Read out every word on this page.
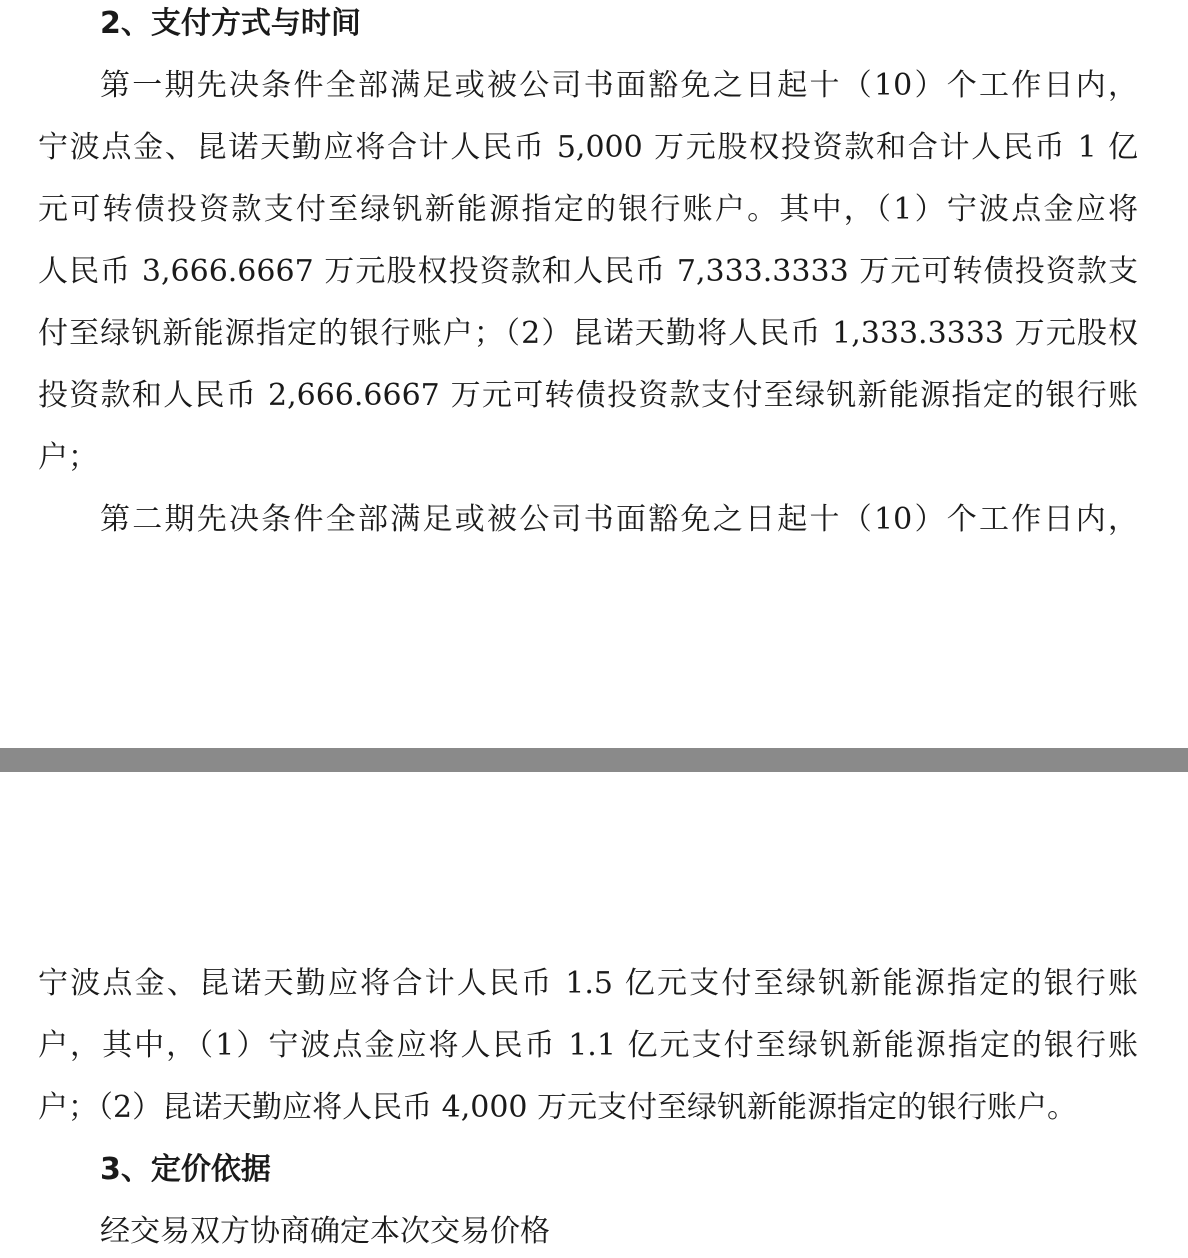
2、支付方式与时间
第一期先决条件全部满足或被公司书面豁免之日起十（10）个工作日内，
宁波点金、昆诺天勤应将合计人民币 5,000 万元股权投资款和合计人民币 1 亿
元可转债投资款支付至绿钒新能源指定的银行账户。其中，（1）宁波点金应将
人民币 3,666.6667 万元股权投资款和人民币 7,333.3333 万元可转债投资款支
付至绿钒新能源指定的银行账户；（2）昆诺天勤将人民币 1,333.3333 万元股权
投资款和人民币 2,666.6667 万元可转债投资款支付至绿钒新能源指定的银行账
户；
第二期先决条件全部满足或被公司书面豁免之日起十（10）个工作日内，
宁波点金、昆诺天勤应将合计人民币 1.5 亿元支付至绿钒新能源指定的银行账
户，其中，（1）宁波点金应将人民币 1.1 亿元支付至绿钒新能源指定的银行账
户；（2）昆诺天勤应将人民币 4,000 万元支付至绿钒新能源指定的银行账户。
3、定价依据
经交易双方协商确定本次交易价格
